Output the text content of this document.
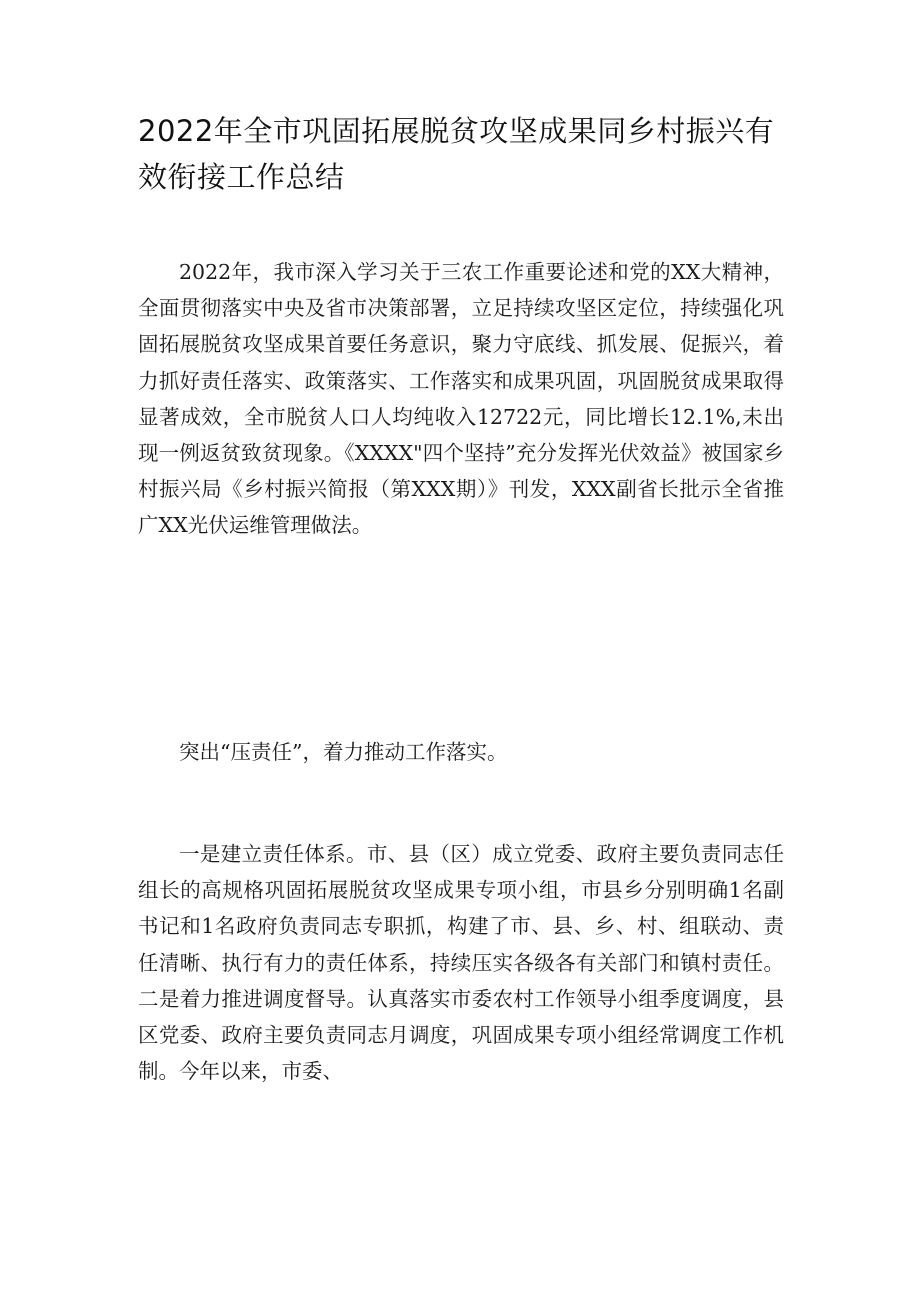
2022年全市巩固拓展脱贫攻坚成果同乡村振兴有效衔接工作总结

2022年，我市深入学习关于三农工作重要论述和党的XX大精神，全面贯彻落实中央及省市决策部署，立足持续攻坚区定位，持续强化巩固拓展脱贫攻坚成果首要任务意识，聚力守底线、抓发展、促振兴，着力抓好责任落实、政策落实、工作落实和成果巩固，巩固脱贫成果取得显著成效，全市脱贫人口人均纯收入12722元，同比增长12.1%,未出现一例返贫致贫现象。《XXXX"四个坚持”充分发挥光伏效益》被国家乡村振兴局《乡村振兴简报（第XXX期）》刊发，XXX副省长批示全省推广XX光伏运维管理做法。

突出“压责任”，着力推动工作落实。

一是建立责任体系。市、县（区）成立党委、政府主要负责同志任组长的高规格巩固拓展脱贫攻坚成果专项小组，市县乡分别明确1名副书记和1名政府负责同志专职抓，构建了市、县、乡、村、组联动、责任清晰、执行有力的责任体系，持续压实各级各有关部门和镇村责任。二是着力推进调度督导。认真落实市委农村工作领导小组季度调度，县区党委、政府主要负责同志月调度，巩固成果专项小组经常调度工作机制。今年以来，市委、
